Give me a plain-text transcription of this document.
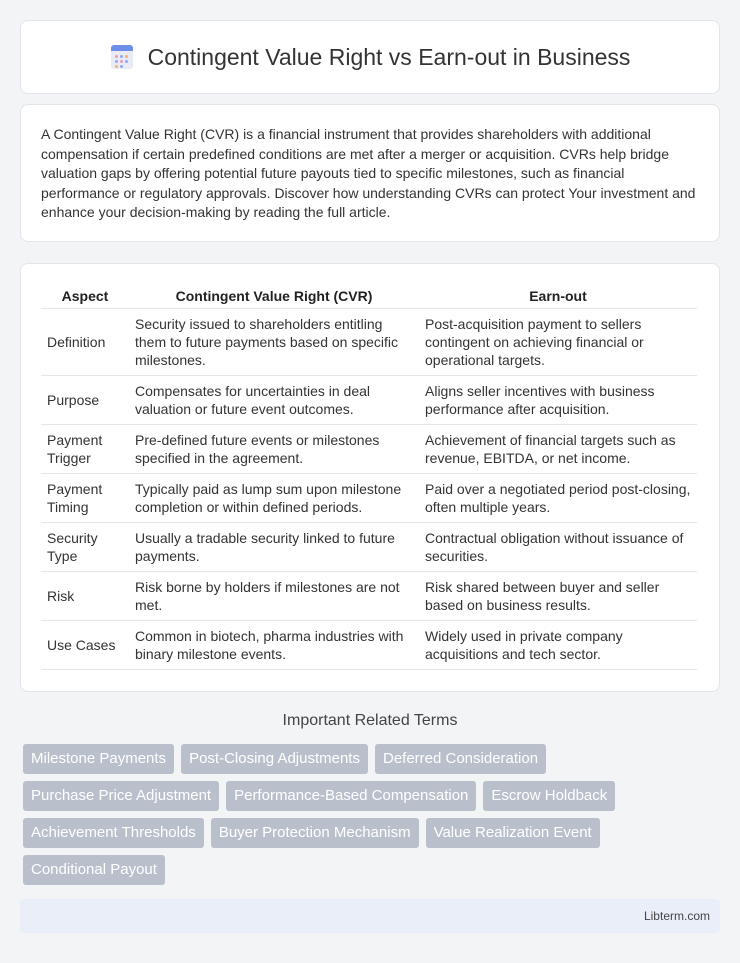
Contingent Value Right vs Earn-out in Business

A Contingent Value Right (CVR) is a financial instrument that provides shareholders with additional compensation if certain predefined conditions are met after a merger or acquisition. CVRs help bridge valuation gaps by offering potential future payouts tied to specific milestones, such as financial performance or regulatory approvals. Discover how understanding CVRs can protect Your investment and enhance your decision-making by reading the full article.

Aspect	Contingent Value Right (CVR)	Earn-out
Definition	Security issued to shareholders entitling them to future payments based on specific milestones.	Post-acquisition payment to sellers contingent on achieving financial or operational targets.
Purpose	Compensates for uncertainties in deal valuation or future event outcomes.	Aligns seller incentives with business performance after acquisition.
Payment Trigger	Pre-defined future events or milestones specified in the agreement.	Achievement of financial targets such as revenue, EBITDA, or net income.
Payment Timing	Typically paid as lump sum upon milestone completion or within defined periods.	Paid over a negotiated period post-closing, often multiple years.
Security Type	Usually a tradable security linked to future payments.	Contractual obligation without issuance of securities.
Risk	Risk borne by holders if milestones are not met.	Risk shared between buyer and seller based on business results.
Use Cases	Common in biotech, pharma industries with binary milestone events.	Widely used in private company acquisitions and tech sector.
Important Related Terms
Milestone Payments	Post-Closing Adjustments	Deferred Consideration
Purchase Price Adjustment	Performance-Based Compensation	Escrow Holdback
Achievement Thresholds	Buyer Protection Mechanism	Value Realization Event
Conditional Payout
Libterm.com
